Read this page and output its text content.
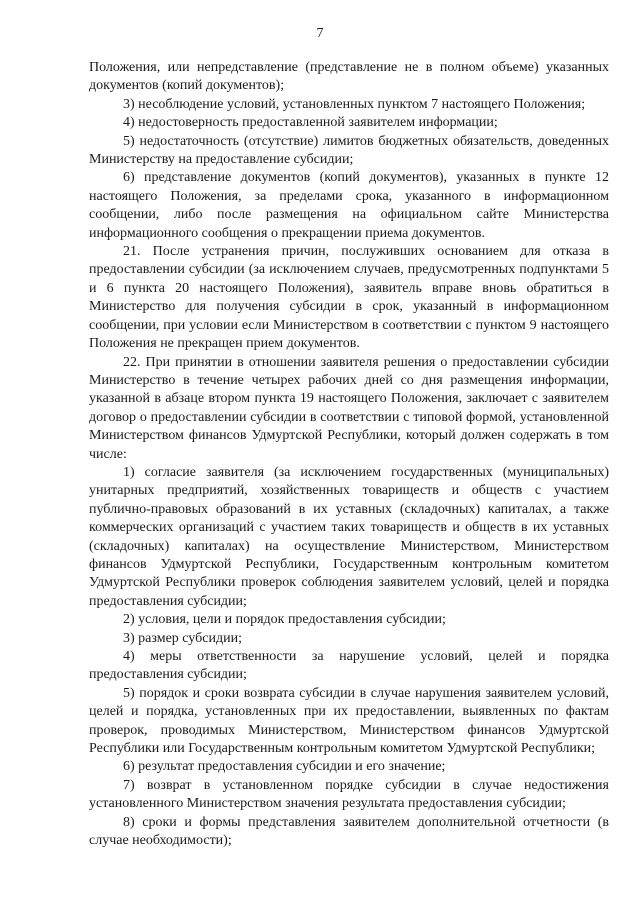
7

Положения, или непредставление (представление не в полном объеме) указанных документов (копий документов);

3) несоблюдение условий, установленных пунктом 7 настоящего Положения;

4) недостоверность предоставленной заявителем информации;

5) недостаточность (отсутствие) лимитов бюджетных обязательств, доведенных Министерству на предоставление субсидии;

6) представление документов (копий документов), указанных в пункте 12 настоящего Положения, за пределами срока, указанного в информационном сообщении, либо после размещения на официальном сайте Министерства информационного сообщения о прекращении приема документов.

21. После устранения причин, послуживших основанием для отказа в предоставлении субсидии (за исключением случаев, предусмотренных подпунктами 5 и 6 пункта 20 настоящего Положения), заявитель вправе вновь обратиться в Министерство для получения субсидии в срок, указанный в информационном сообщении, при условии если Министерством в соответствии с пунктом 9 настоящего Положения не прекращен прием документов.

22. При принятии в отношении заявителя решения о предоставлении субсидии Министерство в течение четырех рабочих дней со дня размещения информации, указанной в абзаце втором пункта 19 настоящего Положения, заключает с заявителем договор о предоставлении субсидии в соответствии с типовой формой, установленной Министерством финансов Удмуртской Республики, который должен содержать в том числе:

1) согласие заявителя (за исключением государственных (муниципальных) унитарных предприятий, хозяйственных товариществ и обществ с участием публично-правовых образований в их уставных (складочных) капиталах, а также коммерческих организаций с участием таких товариществ и обществ в их уставных (складочных) капиталах) на осуществление Министерством, Министерством финансов Удмуртской Республики, Государственным контрольным комитетом Удмуртской Республики проверок соблюдения заявителем условий, целей и порядка предоставления субсидии;

2) условия, цели и порядок предоставления субсидии;

3) размер субсидии;

4) меры ответственности за нарушение условий, целей и порядка предоставления субсидии;

5) порядок и сроки возврата субсидии в случае нарушения заявителем условий, целей и порядка, установленных при их предоставлении, выявленных по фактам проверок, проводимых Министерством, Министерством финансов Удмуртской Республики или Государственным контрольным комитетом Удмуртской Республики;

6) результат предоставления субсидии и его значение;

7) возврат в установленном порядке субсидии в случае недостижения установленного Министерством значения результата предоставления субсидии;

8) сроки и формы представления заявителем дополнительной отчетности (в случае необходимости);
